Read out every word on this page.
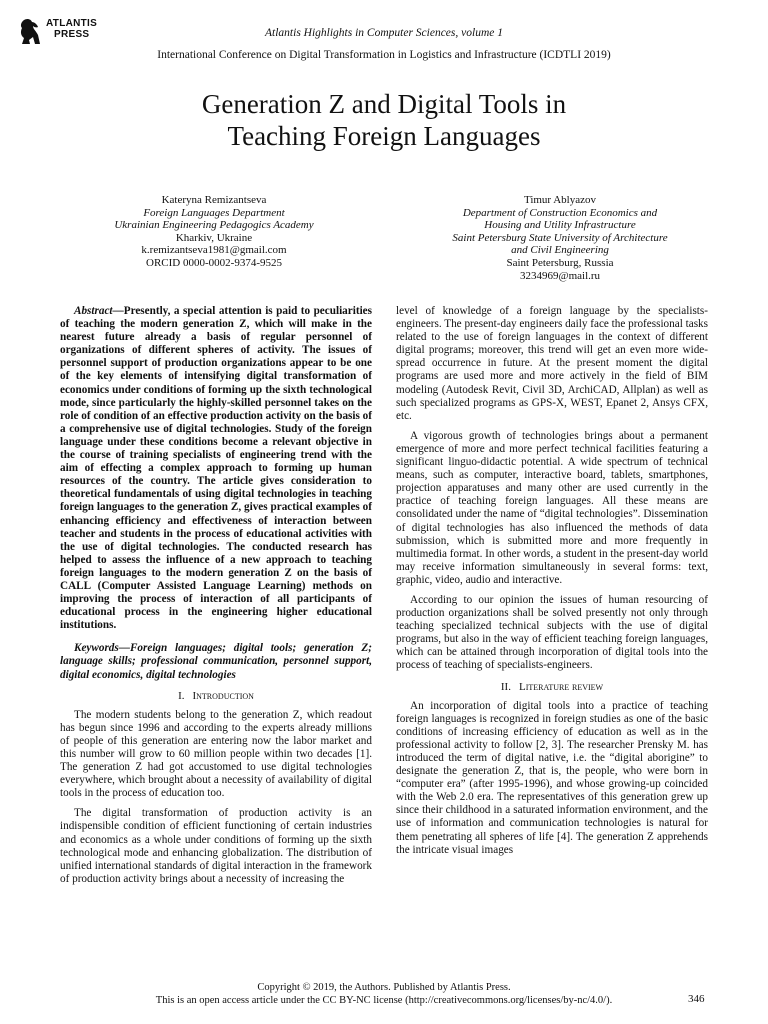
ATLANTIS
PRESS	Atlantis Highlights in Computer Sciences, volume 1
International Conference on Digital Transformation in Logistics and Infrastructure (ICDTLI 2019)
Generation Z and Digital Tools in
Teaching Foreign Languages
Kateryna Remizantseva
Foreign Languages Department
Ukrainian Engineering Pedagogics Academy
Kharkiv, Ukraine
k.remizantseva1981@gmail.com
ORCID 0000-0002-9374-9525
Timur Ablyazov
Department of Construction Economics and
Housing and Utility Infrastructure
Saint Petersburg State University of Architecture
and Civil Engineering
Saint Petersburg, Russia
3234969@mail.ru

Abstract—Presently, a special attention is paid to peculiarities of teaching the modern generation Z, which will make in the nearest future already a basis of regular personnel of organizations of different spheres of activity. The issues of personnel support of production organizations appear to be one of the key elements of intensifying digital transformation of economics under conditions of forming up the sixth technological mode, since particularly the highly-skilled personnel takes on the role of condition of an effective production activity on the basis of a comprehensive use of digital technologies. Study of the foreign language under these conditions become a relevant objective in the course of training specialists of engineering trend with the aim of effecting a complex approach to forming up human resources of the country. The article gives consideration to theoretical fundamentals of using digital technologies in teaching foreign languages to the generation Z, gives practical examples of enhancing efficiency and effectiveness of interaction between teacher and students in the process of educational activities with the use of digital technologies. The conducted research has helped to assess the influence of a new approach to teaching foreign languages to the modern generation Z on the basis of CALL (Computer Assisted Language Learning) methods on improving the process of interaction of all participants of educational process in the engineering higher educational institutions.

Keywords—Foreign languages; digital tools; generation Z; language skills; professional communication, personnel support, digital economics, digital technologies

I. Introduction

The modern students belong to the generation Z, which readout has begun since 1996 and according to the experts already millions of people of this generation are entering now the labor market and this number will grow to 60 million people within two decades [1]. The generation Z had got accustomed to use digital technologies everywhere, which brought about a necessity of availability of digital tools in the process of education too.

The digital transformation of production activity is an indispensible condition of efficient functioning of certain industries and economics as a whole under conditions of forming up the sixth technological mode and enhancing globalization. The distribution of unified international standards of digital interaction in the framework of production activity brings about a necessity of increasing the

level of knowledge of a foreign language by the specialists-engineers. The present-day engineers daily face the professional tasks related to the use of foreign languages in the context of different digital programs; moreover, this trend will get an even more wide-spread occurrence in future. At the present moment the digital programs are used more and more actively in the field of BIM modeling (Autodesk Revit, Civil 3D, ArchiCAD, Allplan) as well as such specialized programs as GPS-X, WEST, Epanet 2, Ansys CFX, etc.

A vigorous growth of technologies brings about a permanent emergence of more and more perfect technical facilities featuring a significant linguo-didactic potential. A wide spectrum of technical means, such as computer, interactive board, tablets, smartphones, projection apparatuses and many other are used currently in the practice of teaching foreign languages. All these means are consolidated under the name of “digital technologies”. Dissemination of digital technologies has also influenced the methods of data submission, which is submitted more and more frequently in multimedia format. In other words, a student in the present-day world may receive information simultaneously in several forms: text, graphic, video, audio and interactive.

According to our opinion the issues of human resourcing of production organizations shall be solved presently not only through teaching specialized technical subjects with the use of digital programs, but also in the way of efficient teaching foreign languages, which can be attained through incorporation of digital tools into the process of teaching of specialists-engineers.

II. Literature review

An incorporation of digital tools into a practice of teaching foreign languages is recognized in foreign studies as one of the basic conditions of increasing efficiency of education as well as in the professional activity to follow [2, 3]. The researcher Prensky M. has introduced the term of digital native, i.e. the “digital aborigine” to designate the generation Z, that is, the people, who were born in “computer era” (after 1995-1996), and whose growing-up coincided with the Web 2.0 era. The representatives of this generation grew up since their childhood in a saturated information environment, and the use of information and communication technologies is natural for them penetrating all spheres of life [4]. The generation Z apprehends the intricate visual images

Copyright © 2019, the Authors. Published by Atlantis Press.
This is an open access article under the CC BY-NC license (http://creativecommons.org/licenses/by-nc/4.0/).	346
